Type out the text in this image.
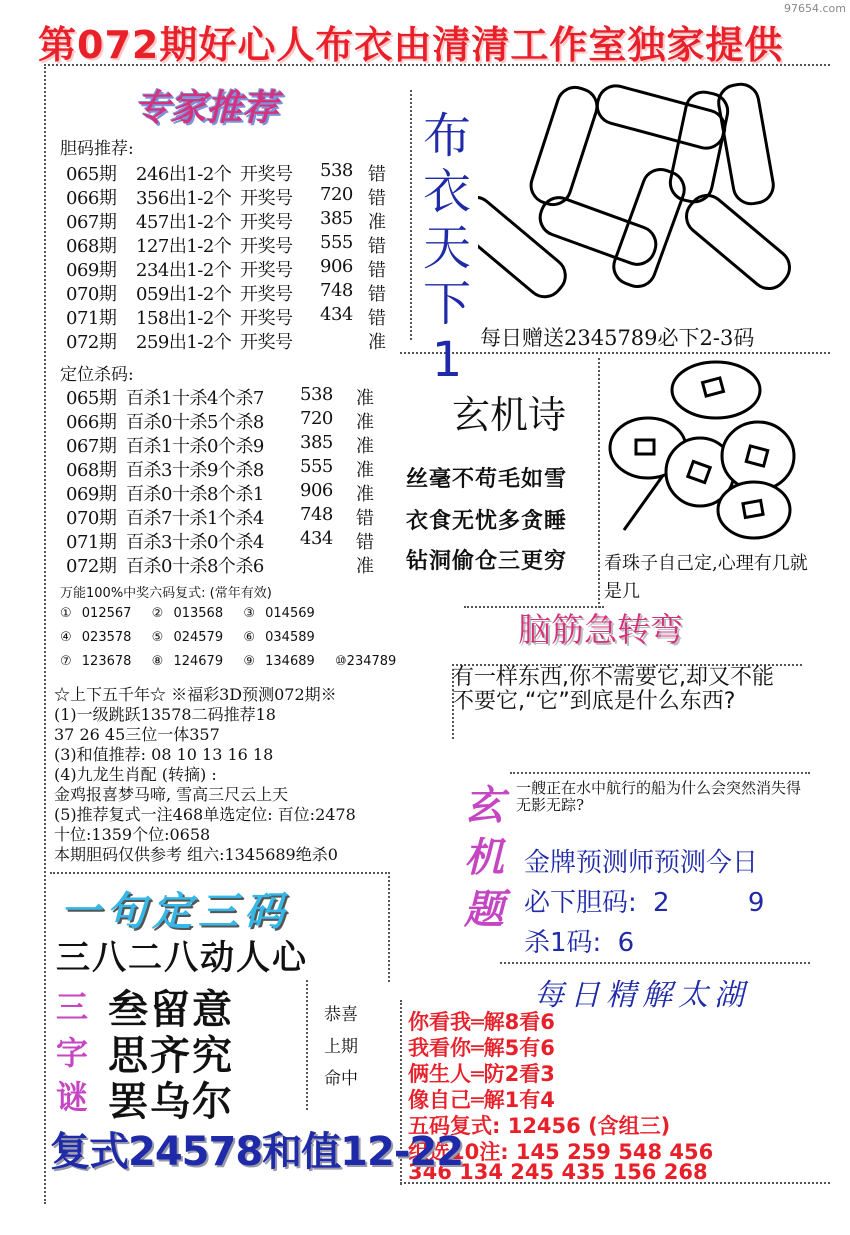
97654.com
第072期好心人布衣由清清工作室独家提供
专家推荐
胆码推荐:
065期 246出1-2个 开奖号 538 错
066期 356出1-2个 开奖号 720 错
067期 457出1-2个 开奖号 385 准
068期 127出1-2个 开奖号 555 错
069期 234出1-2个 开奖号 906 错
070期 059出1-2个 开奖号 748 错
071期 158出1-2个 开奖号 434 错
072期 259出1-2个 开奖号	准
定位杀码:
065期 百杀1十杀4个杀7 538 准
066期 百杀0十杀5个杀8 720 准
067期 百杀1十杀0个杀9 385 准
068期 百杀3十杀9个杀8 555 准
069期 百杀0十杀8个杀1 906 准
070期 百杀7十杀1个杀4 748 错
071期 百杀3十杀0个杀4 434 错
072期 百杀0十杀8个杀6	准
万能100%中奖六码复式: (常年有效)
① 012567  ② 013568  ③ 014569
④ 023578  ⑤ 024579  ⑥ 034589
⑦ 123678  ⑧ 124679  ⑨ 134689  ⑩234789
☆上下五千年☆ ※福彩3D预测072期※
(1)一级跳跃13578二码推荐18
37 26 45三位一体357
(3)和值推荐: 08 10 13 16 18
(4)九龙生肖配 (转摘) :
金鸡报喜梦马啼, 雪高三尺云上天
(5)推荐复式一注468单选定位: 百位:2478
十位:1359个位:0658
本期胆码仅供参考 组六:1345689绝杀0
布
衣
天
下
1 每日赠送2345789必下2-3码
玄机诗
丝毫不苟毛如雪
衣食无忧多贪睡
钻洞偷仓三更穷 看珠子自己定,心理有几就是几
脑筋急转弯
有一样东西,你不需要它,却又不能不要它,“它”到底是什么东西?
玄
机
题
一艘正在水中航行的船为什么会突然消失得无影无踪?
金牌预测师预测今日
必下胆码: 2	9
杀1码: 6
每日精解太湖
你看我═解8看6
我看你═解5有6
俩生人═防2看3
像自己═解1有4
五码复式: 12456 (含组三)
组选10注: 145 259 548 456
346 134 245 435 156 268
一句定三码
三八二八动人心
三
字
谜
叁留意
思齐究
罢乌尔
恭喜
上期
命中
复式24578和值12-22
